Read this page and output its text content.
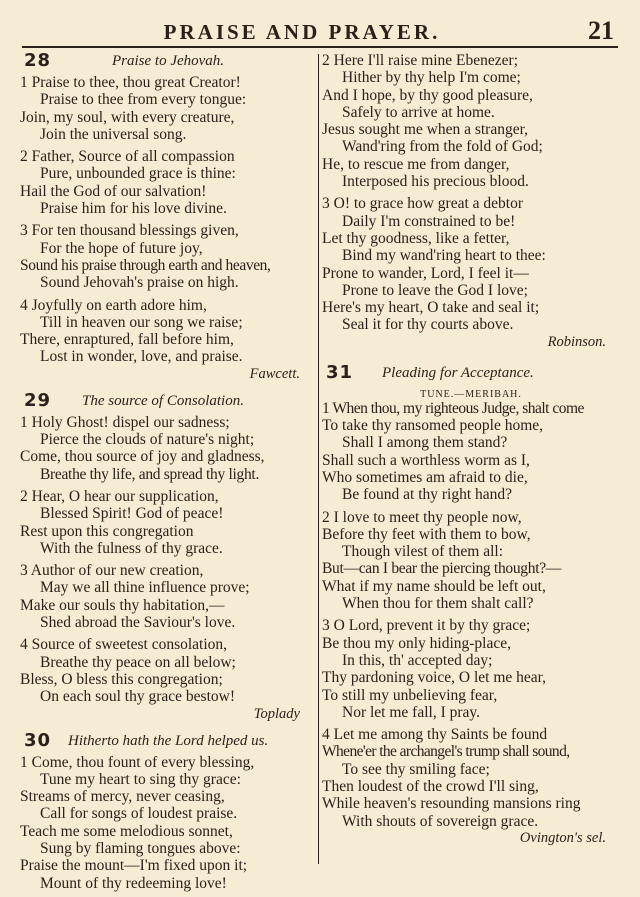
PRAISE AND PRAYER.	21
28	Praise to Jehovah.
1 Praise to thee, thou great Creator!
Praise to thee from every tongue:
Join, my soul, with every creature,
Join the universal song.
2 Father, Source of all compassion
Pure, unbounded grace is thine:
Hail the God of our salvation!
Praise him for his love divine.
3 For ten thousand blessings given,
For the hope of future joy,
Sound his praise through earth and heaven,
Sound Jehovah's praise on high.
4 Joyfully on earth adore him,
Till in heaven our song we raise;
There, enraptured, fall before him,
Lost in wonder, love, and praise.
Fawcett.
29 The source of Consolation.
1 Holy Ghost! dispel our sadness;
Pierce the clouds of nature's night;
Come, thou source of joy and gladness,
Breathe thy life, and spread thy light.
2 Hear, O hear our supplication,
Blessed Spirit! God of peace!
Rest upon this congregation
With the fulness of thy grace.
3 Author of our new creation,
May we all thine influence prove;
Make our souls thy habitation,—
Shed abroad the Saviour's love.
4 Source of sweetest consolation,
Breathe thy peace on all below;
Bless, O bless this congregation;
On each soul thy grace bestow!
Toplady
30 Hitherto hath the Lord helped us.
1 Come, thou fount of every blessing,
Tune my heart to sing thy grace:
Streams of mercy, never ceasing,
Call for songs of loudest praise.
Teach me some melodious sonnet,
Sung by flaming tongues above:
Praise the mount—I'm fixed upon it;
Mount of thy redeeming love!
2 Here I'll raise mine Ebenezer;
Hither by thy help I'm come;
And I hope, by thy good pleasure,
Safely to arrive at home.
Jesus sought me when a stranger,
Wand'ring from the fold of God;
He, to rescue me from danger,
Interposed his precious blood.
3 O! to grace how great a debtor
Daily I'm constrained to be!
Let thy goodness, like a fetter,
Bind my wand'ring heart to thee:
Prone to wander, Lord, I feel it—
Prone to leave the God I love;
Here's my heart, O take and seal it;
Seal it for thy courts above.
Robinson.
31 Pleading for Acceptance.
TUNE.—MERIBAH.
1 When thou, my righteous Judge, shalt come
To take thy ransomed people home,
Shall I among them stand?
Shall such a worthless worm as I,
Who sometimes am afraid to die,
Be found at thy right hand?
2 I love to meet thy people now,
Before thy feet with them to bow,
Though vilest of them all:
But—can I bear the piercing thought?—
What if my name should be left out,
When thou for them shalt call?
3 O Lord, prevent it by thy grace;
Be thou my only hiding-place,
In this, th' accepted day;
Thy pardoning voice, O let me hear,
To still my unbelieving fear,
Nor let me fall, I pray.
4 Let me among thy Saints be found
Whene'er the archangel's trump shall sound,
To see thy smiling face;
Then loudest of the crowd I'll sing,
While heaven's resounding mansions ring
With shouts of sovereign grace.
Ovington's sel.
